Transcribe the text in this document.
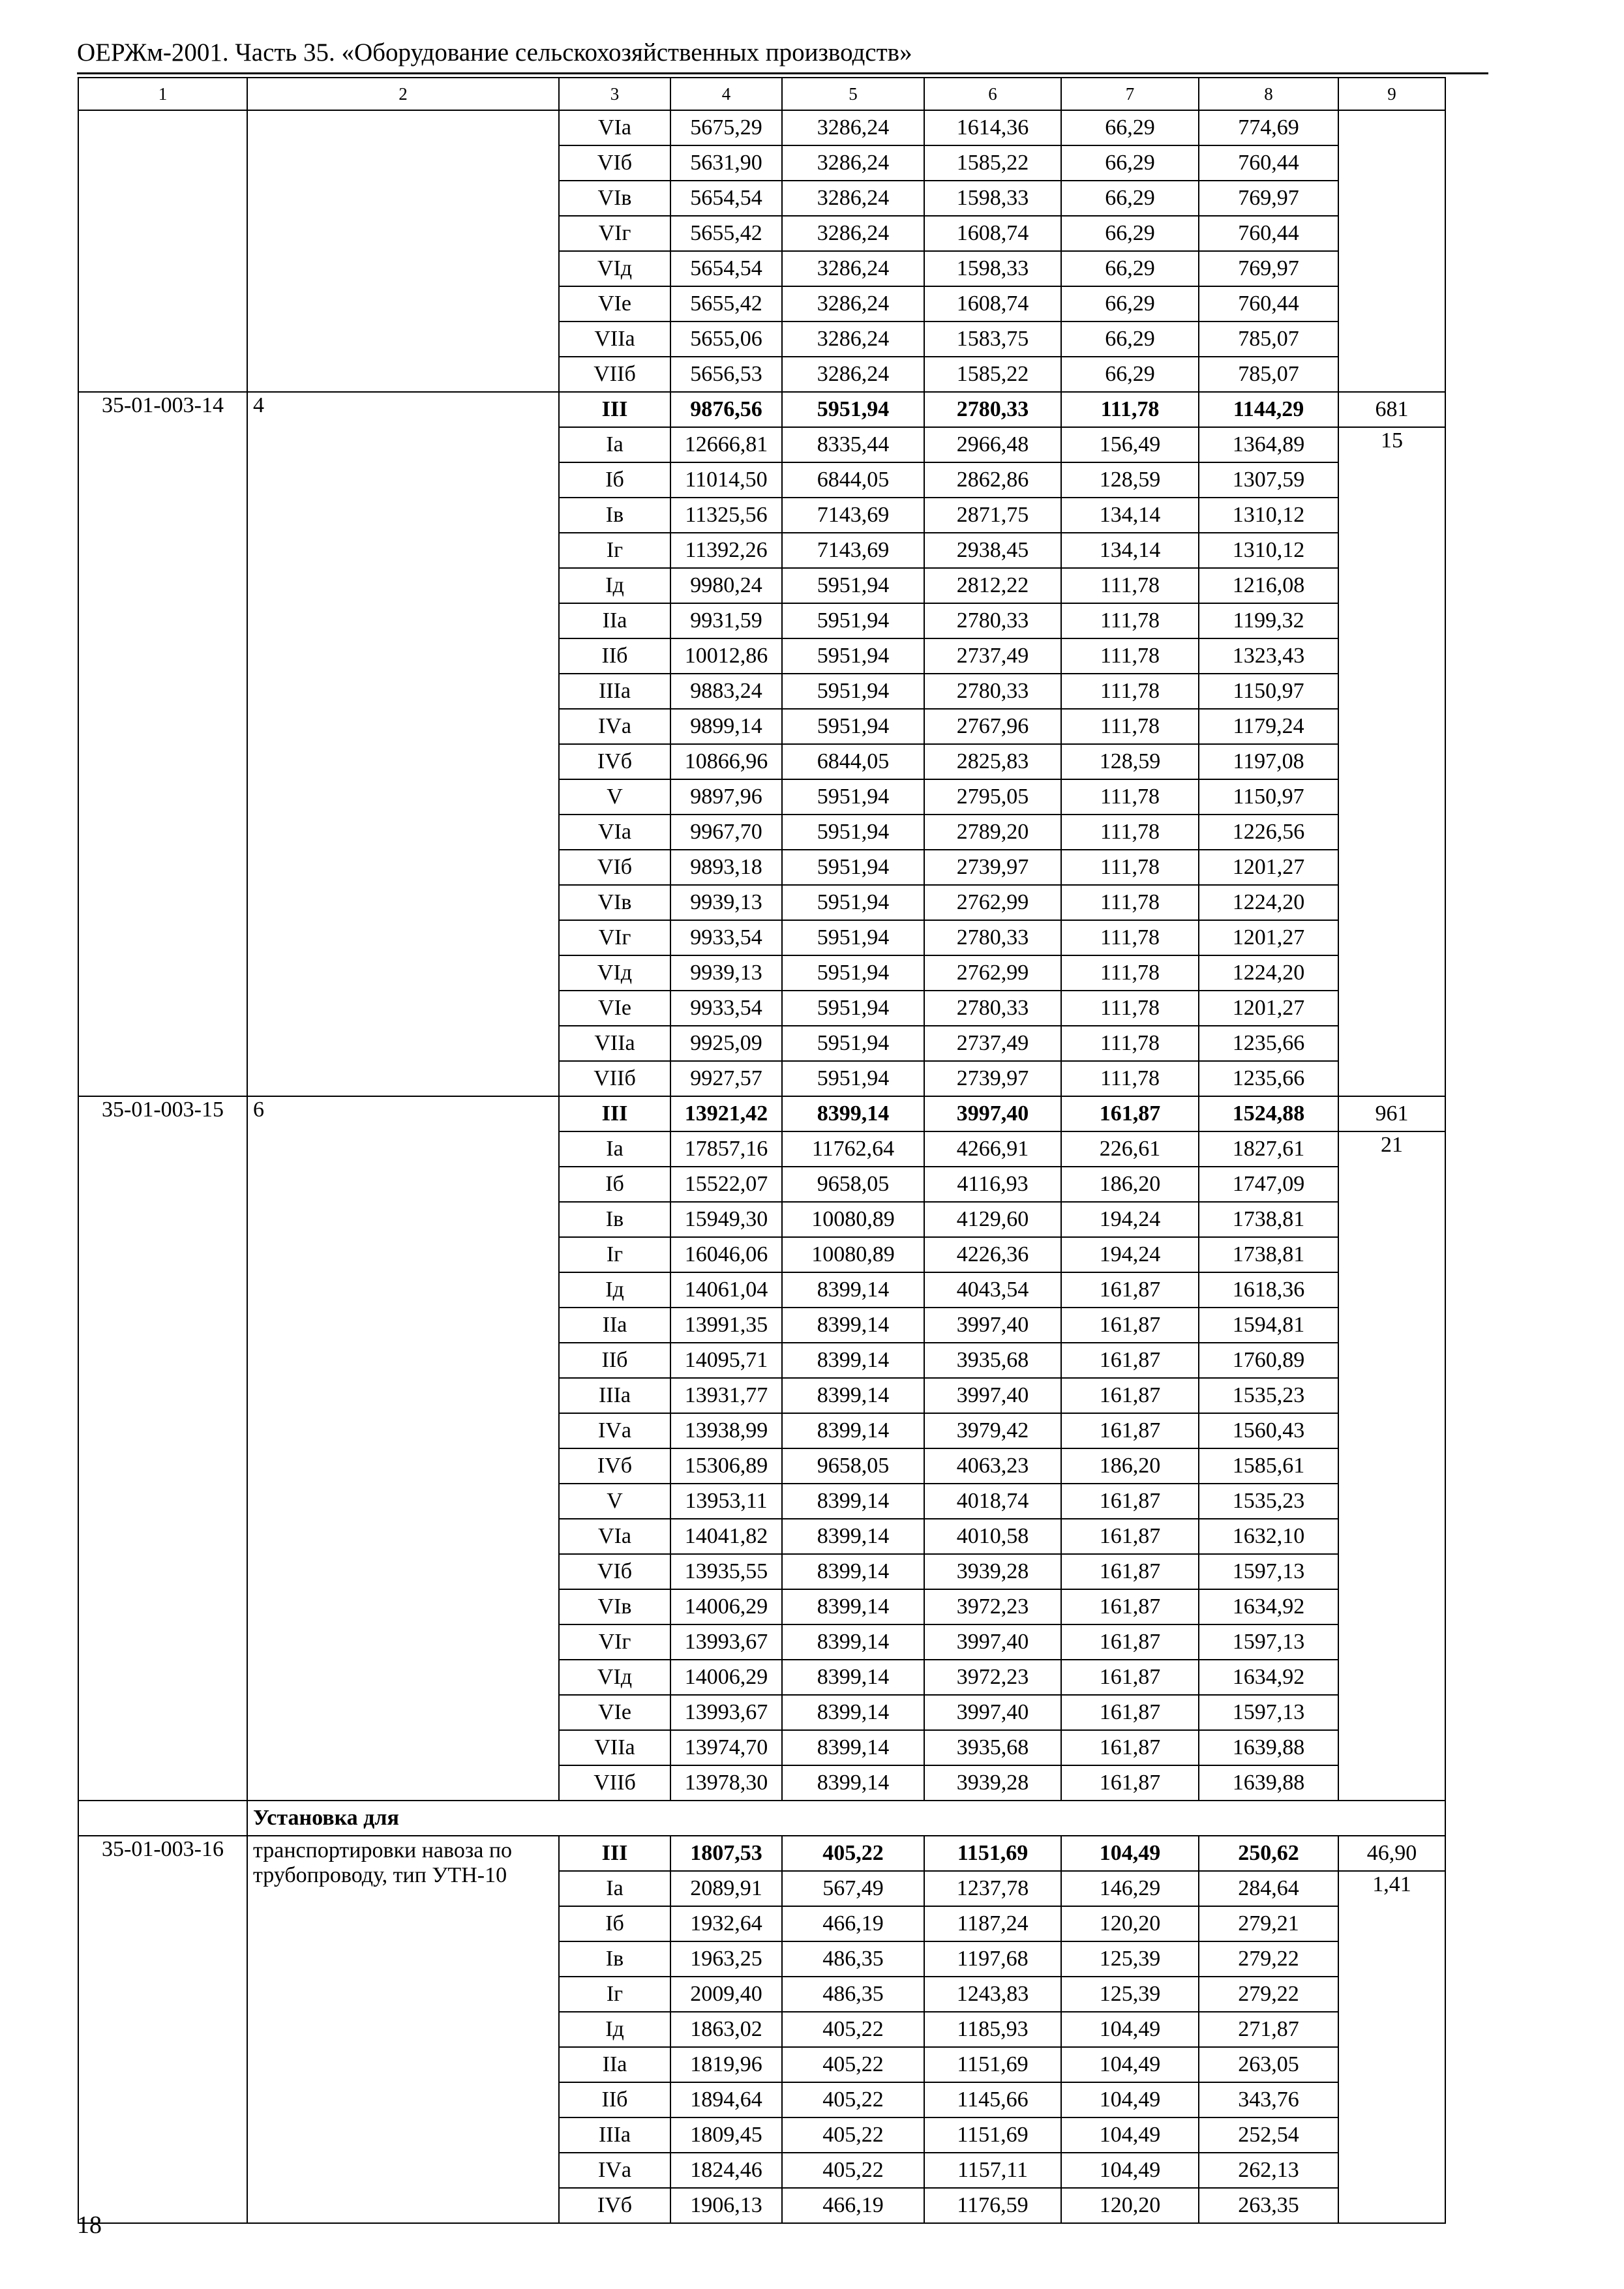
ОЕРЖм-2001. Часть 35. «Оборудование сельскохозяйственных производств»
1	2	3	4	5	6	7	8	9
		VIа	5675,29	3286,24	1614,36	66,29	774,69	
		VIб	5631,90	3286,24	1585,22	66,29	760,44	
		VIв	5654,54	3286,24	1598,33	66,29	769,97	
		VIг	5655,42	3286,24	1608,74	66,29	760,44	
		VIд	5654,54	3286,24	1598,33	66,29	769,97	
		VIе	5655,42	3286,24	1608,74	66,29	760,44	
		VIIа	5655,06	3286,24	1583,75	66,29	785,07	
		VIIб	5656,53	3286,24	1585,22	66,29	785,07	
35-01-003-14	4	III	9876,56	5951,94	2780,33	111,78	1144,29	681
		Iа	12666,81	8335,44	2966,48	156,49	1364,89	15
		Iб	11014,50	6844,05	2862,86	128,59	1307,59	
		Iв	11325,56	7143,69	2871,75	134,14	1310,12	
		Iг	11392,26	7143,69	2938,45	134,14	1310,12	
		Iд	9980,24	5951,94	2812,22	111,78	1216,08	
		IIа	9931,59	5951,94	2780,33	111,78	1199,32	
		IIб	10012,86	5951,94	2737,49	111,78	1323,43	
		IIIа	9883,24	5951,94	2780,33	111,78	1150,97	
		IVа	9899,14	5951,94	2767,96	111,78	1179,24	
		IVб	10866,96	6844,05	2825,83	128,59	1197,08	
		V	9897,96	5951,94	2795,05	111,78	1150,97	
		VIа	9967,70	5951,94	2789,20	111,78	1226,56	
		VIб	9893,18	5951,94	2739,97	111,78	1201,27	
		VIв	9939,13	5951,94	2762,99	111,78	1224,20	
		VIг	9933,54	5951,94	2780,33	111,78	1201,27	
		VIд	9939,13	5951,94	2762,99	111,78	1224,20	
		VIе	9933,54	5951,94	2780,33	111,78	1201,27	
		VIIа	9925,09	5951,94	2737,49	111,78	1235,66	
		VIIб	9927,57	5951,94	2739,97	111,78	1235,66	
35-01-003-15	6	III	13921,42	8399,14	3997,40	161,87	1524,88	961
		Iа	17857,16	11762,64	4266,91	226,61	1827,61	21
		Iб	15522,07	9658,05	4116,93	186,20	1747,09	
		Iв	15949,30	10080,89	4129,60	194,24	1738,81	
		Iг	16046,06	10080,89	4226,36	194,24	1738,81	
		Iд	14061,04	8399,14	4043,54	161,87	1618,36	
		IIа	13991,35	8399,14	3997,40	161,87	1594,81	
		IIб	14095,71	8399,14	3935,68	161,87	1760,89	
		IIIа	13931,77	8399,14	3997,40	161,87	1535,23	
		IVа	13938,99	8399,14	3979,42	161,87	1560,43	
		IVб	15306,89	9658,05	4063,23	186,20	1585,61	
		V	13953,11	8399,14	4018,74	161,87	1535,23	
		VIа	14041,82	8399,14	4010,58	161,87	1632,10	
		VIб	13935,55	8399,14	3939,28	161,87	1597,13	
		VIв	14006,29	8399,14	3972,23	161,87	1634,92	
		VIг	13993,67	8399,14	3997,40	161,87	1597,13	
		VIд	14006,29	8399,14	3972,23	161,87	1634,92	
		VIе	13993,67	8399,14	3997,40	161,87	1597,13	
		VIIа	13974,70	8399,14	3935,68	161,87	1639,88	
		VIIб	13978,30	8399,14	3939,28	161,87	1639,88	
	Установка для							
35-01-003-16	транспортировки навоза по трубопроводу, тип УТН-10	III	1807,53	405,22	1151,69	104,49	250,62	46,90
		Iа	2089,91	567,49	1237,78	146,29	284,64	1,41
		Iб	1932,64	466,19	1187,24	120,20	279,21	
		Iв	1963,25	486,35	1197,68	125,39	279,22	
		Iг	2009,40	486,35	1243,83	125,39	279,22	
		Iд	1863,02	405,22	1185,93	104,49	271,87	
		IIа	1819,96	405,22	1151,69	104,49	263,05	
		IIб	1894,64	405,22	1145,66	104,49	343,76	
		IIIа	1809,45	405,22	1151,69	104,49	252,54	
		IVа	1824,46	405,22	1157,11	104,49	262,13	
		IVб	1906,13	466,19	1176,59	120,20	263,35	
18
